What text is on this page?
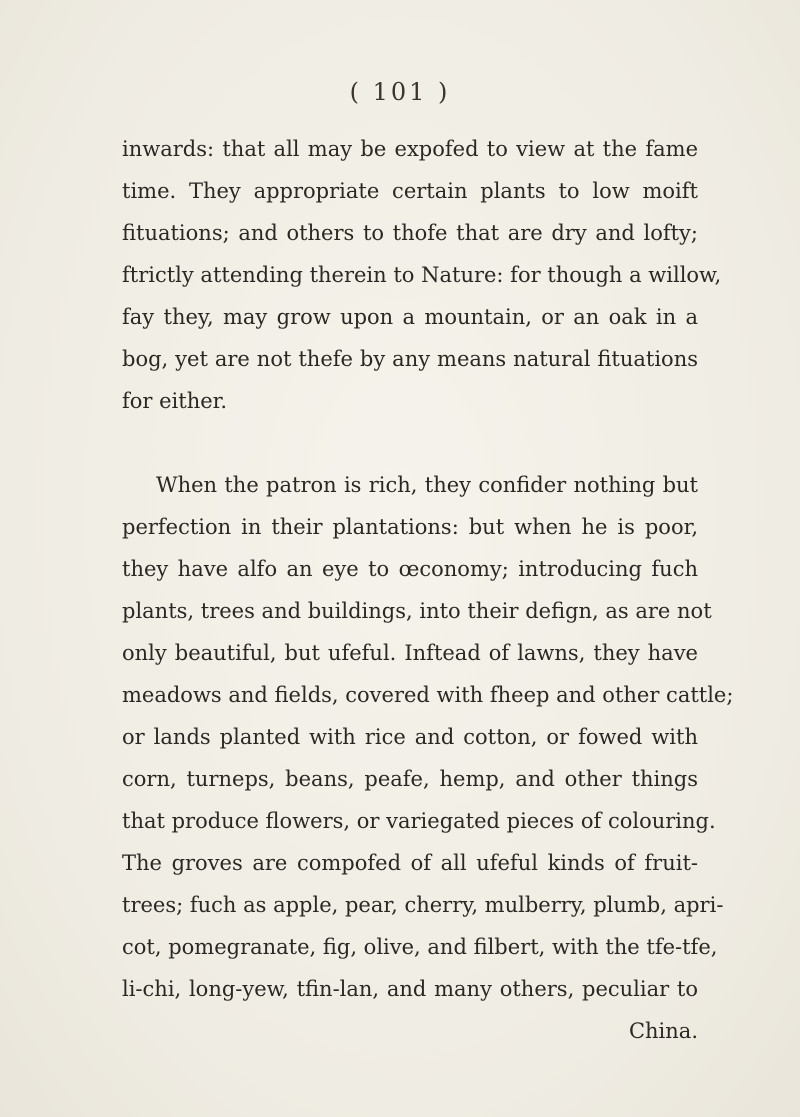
( 101 )
inwards: that all may be expofed to view at the fame
time. They appropriate certain plants to low moift
fituations; and others to thofe that are dry and lofty;
ftrictly attending therein to Nature: for though a willow,
fay they, may grow upon a mountain, or an oak in a
bog, yet are not thefe by any means natural fituations
for either.
When the patron is rich, they confider nothing but
perfection in their plantations: but when he is poor,
they have alfo an eye to œconomy; introducing fuch
plants, trees and buildings, into their defign, as are not
only beautiful, but ufeful. Inftead of lawns, they have
meadows and fields, covered with fheep and other cattle;
or lands planted with rice and cotton, or fowed with
corn, turneps, beans, peafe, hemp, and other things
that produce flowers, or variegated pieces of colouring.
The groves are compofed of all ufeful kinds of fruit-
trees; fuch as apple, pear, cherry, mulberry, plumb, apri-
cot, pomegranate, fig, olive, and filbert, with the tfe-tfe,
li-chi, long-yew, tfin-lan, and many others, peculiar to
China.
